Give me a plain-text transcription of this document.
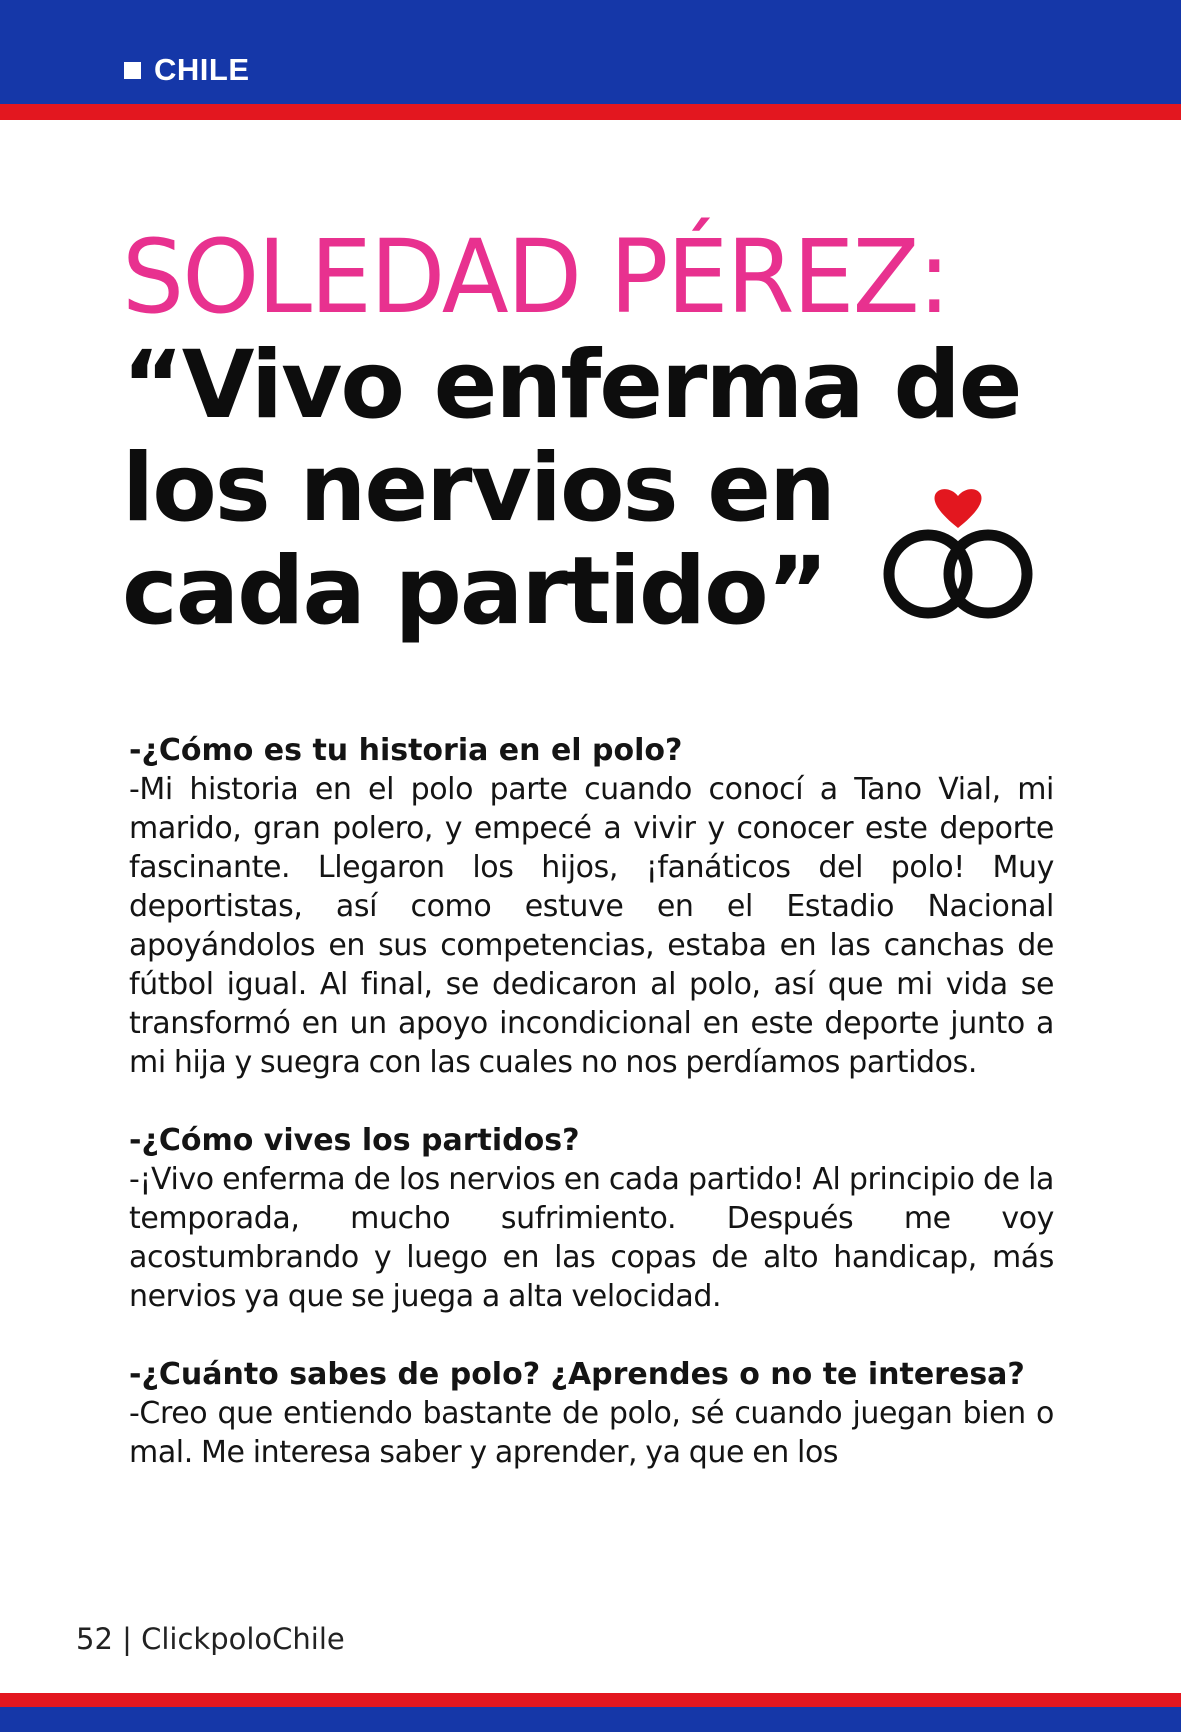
CHILE
SOLEDAD PÉREZ:
“Vivo enferma de
los nervios en
cada partido”
-¿Cómo es tu historia en el polo?
-Mi historia en el polo parte cuando conocí a Tano Vial, mi marido, gran polero, y empecé a vivir y conocer este deporte fascinante. Llegaron los hijos, ¡fanáticos del polo! Muy deportistas, así como estuve en el Estadio Nacional apoyándolos en sus competencias, estaba en las canchas de fútbol igual. Al final, se dedicaron al polo, así que mi vida se transformó en un apoyo incondicional en este deporte junto a mi hija y suegra con las cuales no nos perdíamos partidos.
-¿Cómo vives los partidos?
-¡Vivo enferma de los nervios en cada partido! Al principio de la temporada, mucho sufrimiento. Después me voy acostumbrando y luego en las copas de alto handicap, más nervios ya que se juega a alta velocidad.
-¿Cuánto sabes de polo? ¿Aprendes o no te interesa?
-Creo que entiendo bastante de polo, sé cuando juegan bien o mal. Me interesa saber y aprender, ya que en los
52 | ClickpoloChile
